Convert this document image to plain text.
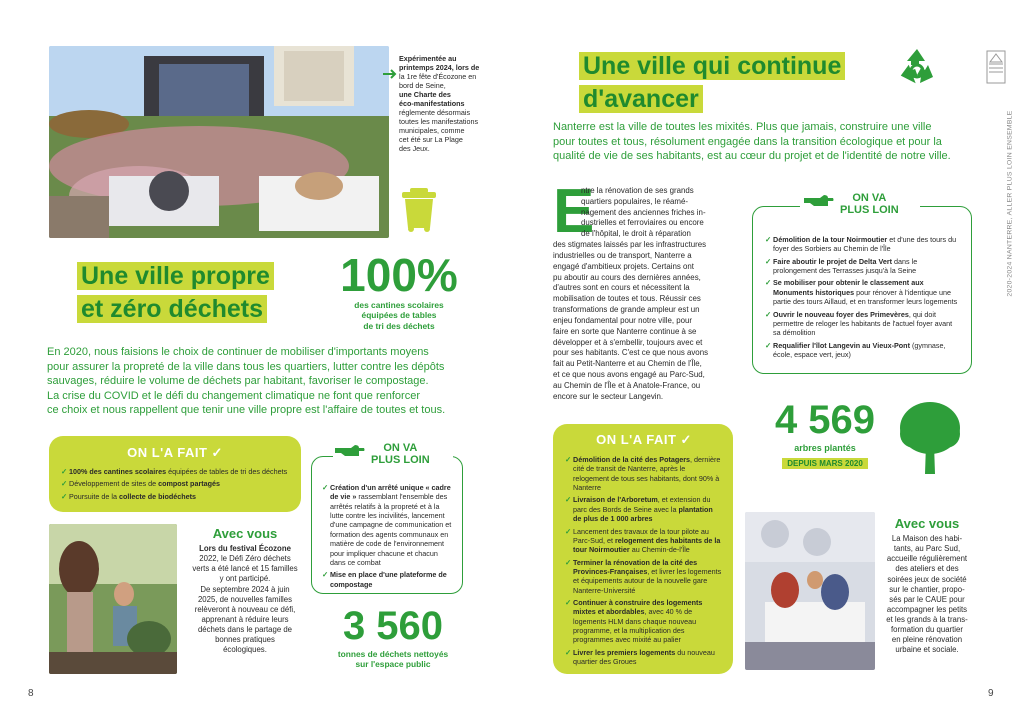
Expérimentée au
printemps 2024, lors de
la 1re fête d'Écozone en
bord de Seine,
une Charte des
éco-manifestations
réglemente désormais
toutes les manifestations
municipales, comme
cet été sur La Plage
des Jeux.
Une ville propre
et zéro déchets
100%
des cantines scolaires
équipées de tables
de tri des déchets
En 2020, nous faisions le choix de continuer de mobiliser d'importants moyens
pour assurer la propreté de la ville dans tous les quartiers, lutter contre les dépôts
sauvages, réduire le volume de déchets par habitant, favoriser le compostage.
La crise du COVID et le défi du changement climatique ne font que renforcer
ce choix et nous rappellent que tenir une ville propre est l'affaire de toutes et tous.
ON L'A FAIT ✓
✓ 100% des cantines scolaires équipées de tables de tri des déchets
✓ Développement de sites de compost partagés
✓ Poursuite de la collecte de biodéchets
✓ Création d'un arrêté unique « cadre de vie » rassemblant l'ensemble des arrêtés relatifs à la propreté et à la lutte contre les incivilités, lancement d'une campagne de communication et formation des agents communaux en matière de code de l'environnement pour impliquer chacune et chacun dans ce combat
✓ Mise en place d'une plateforme de compostage
ON VA
PLUS LOIN
Avec vous
Lors du festival Écozone
2022, le Défi Zéro déchets
verts a été lancé et 15 familles
y ont participé.
De septembre 2024 à juin
2025, de nouvelles familles
relèveront à nouveau ce défi,
apprenant à réduire leurs
déchets dans le partage de
bonnes pratiques
écologiques.
3 560
tonnes de déchets nettoyés
sur l'espace public
8
Une ville qui continue
d'avancer
2020-2024 NANTERRE, ALLER PLUS LOIN ENSEMBLE
Nanterre est la ville de toutes les mixités. Plus que jamais, construire une ville
pour toutes et tous, résolument engagée dans la transition écologique et pour la
qualité de vie de ses habitants, est au cœur du projet et de l'identité de notre ville.
E
ntre la rénovation de ses grands
quartiers populaires, le réamé-
nagement des anciennes friches in-
dustrielles et ferroviaires ou encore
de l'hôpital, le droit à réparation
des stigmates laissés par les infrastructures
industrielles ou de transport, Nanterre a
engagé d'ambitieux projets. Certains ont
pu aboutir au cours des dernières années,
d'autres sont en cours et nécessitent la
mobilisation de toutes et tous. Réussir ces
transformations de grande ampleur est un
enjeu fondamental pour notre ville, pour
faire en sorte que Nanterre continue à se
développer et à s'embellir, toujours avec et
pour ses habitants. C'est ce que nous avons
fait au Petit-Nanterre et au Chemin de l'Île,
et ce que nous avons engagé au Parc-Sud,
au Chemin de l'Île et à Anatole-France, ou
encore sur le secteur Langevin.
✓ Démolition de la tour Noirmoutier et d'une des tours du foyer des Sorbiers au Chemin de l'Île
✓ Faire aboutir le projet de Delta Vert dans le prolongement des Terrasses jusqu'à la Seine
✓ Se mobiliser pour obtenir le classement aux Monuments historiques pour rénover à l'identique une partie des tours Aillaud, et en transformer leurs logements
✓ Ouvrir le nouveau foyer des Primevères, qui doit permettre de reloger les habitants de l'actuel foyer avant sa démolition
✓ Requalifier l'îlot Langevin au Vieux-Pont (gymnase, école, espace vert, jeux)
ON VA
PLUS LOIN
ON L'A FAIT ✓
✓ Démolition de la cité des Potagers, dernière cité de transit de Nanterre, après le relogement de tous ses habitants, dont 90% à Nanterre
✓ Livraison de l'Arboretum, et extension du parc des Bords de Seine avec la plantation de plus de 1 000 arbres
✓ Lancement des travaux de la tour pilote au Parc-Sud, et relogement des habitants de la tour Noirmoutier au Chemin-de-l'Île
✓ Terminer la rénovation de la cité des Provinces-Françaises, et livrer les logements et équipements autour de la nouvelle gare Nanterre-Université
✓ Continuer à construire des logements mixtes et abordables, avec 40 % de logements HLM dans chaque nouveau programme, et la multiplication des programmes avec mixité au palier
✓ Livrer les premiers logements du nouveau quartier des Groues
4 569
arbres plantés
DEPUIS MARS 2020
Avec vous
La Maison des habi-
tants, au Parc Sud,
accueille régulièrement
des ateliers et des
soirées jeux de société
sur le chantier, propo-
sés par le CAUE pour
accompagner les petits
et les grands à la trans-
formation du quartier
en pleine rénovation
urbaine et sociale.
9
